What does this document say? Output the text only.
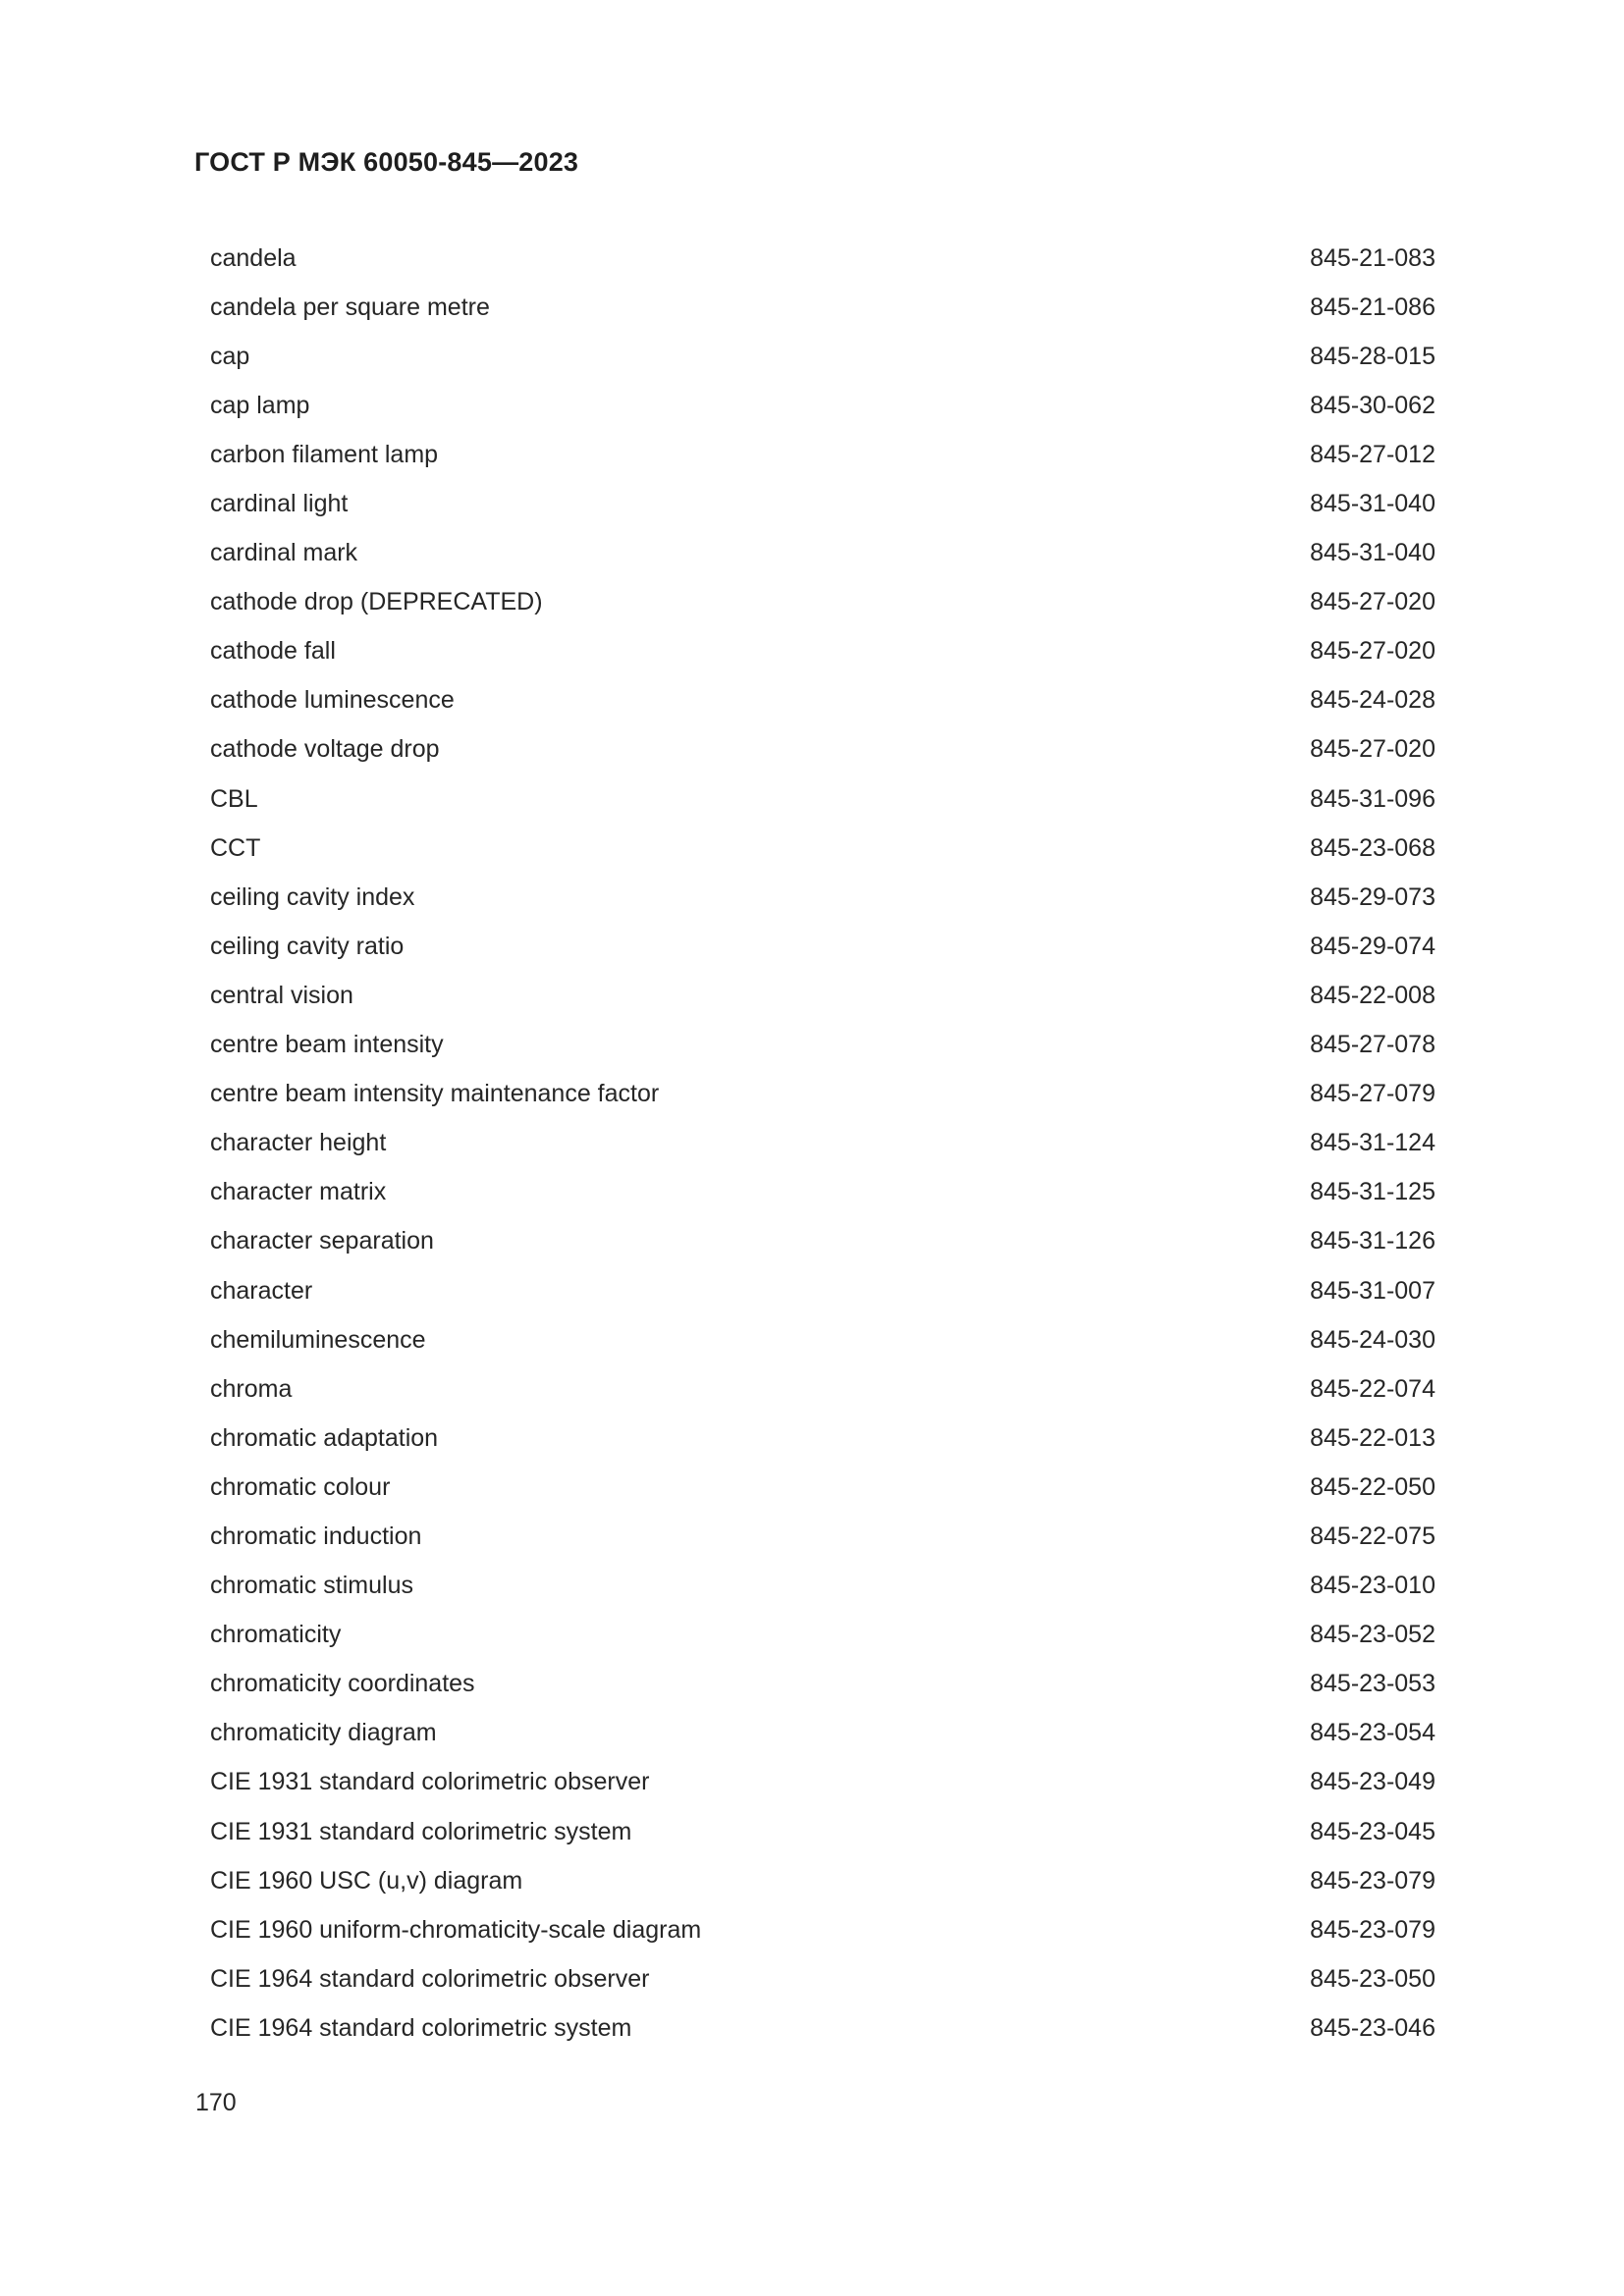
ГОСТ Р МЭК 60050-845—2023
candela	845-21-083
candela per square metre	845-21-086
cap	845-28-015
cap lamp	845-30-062
carbon filament lamp	845-27-012
cardinal light	845-31-040
cardinal mark	845-31-040
cathode drop (DEPRECATED)	845-27-020
cathode fall	845-27-020
cathode luminescence	845-24-028
cathode voltage drop	845-27-020
CBL	845-31-096
CCT	845-23-068
ceiling cavity index	845-29-073
ceiling cavity ratio	845-29-074
central vision	845-22-008
centre beam intensity	845-27-078
centre beam intensity maintenance factor	845-27-079
character height	845-31-124
character matrix	845-31-125
character separation	845-31-126
character	845-31-007
chemiluminescence	845-24-030
chroma	845-22-074
chromatic adaptation	845-22-013
chromatic colour	845-22-050
chromatic induction	845-22-075
chromatic stimulus	845-23-010
chromaticity	845-23-052
chromaticity coordinates	845-23-053
chromaticity diagram	845-23-054
CIE 1931 standard colorimetric observer	845-23-049
CIE 1931 standard colorimetric system	845-23-045
CIE 1960 USC (u,v) diagram	845-23-079
CIE 1960 uniform-chromaticity-scale diagram	845-23-079
CIE 1964 standard colorimetric observer	845-23-050
CIE 1964 standard colorimetric system	845-23-046
170
